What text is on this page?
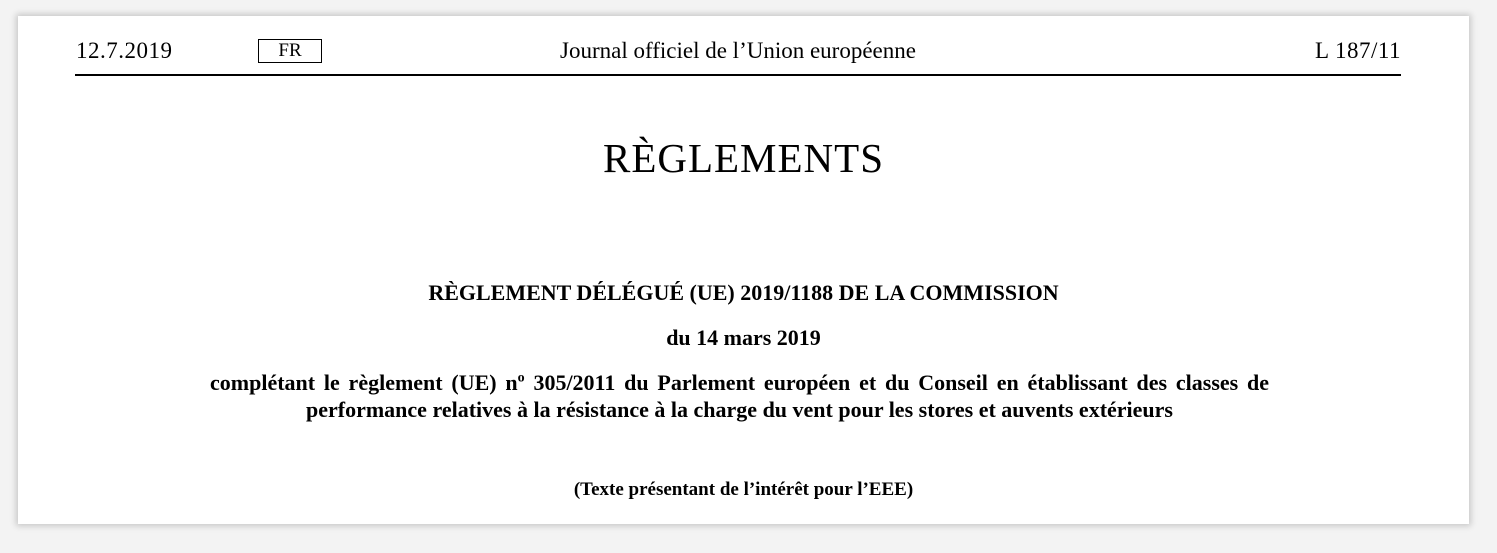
12.7.2019	FR	Journal officiel de l’Union européenne	L 187/11
RÈGLEMENTS
RÈGLEMENT DÉLÉGUÉ (UE) 2019/1188 DE LA COMMISSION
du 14 mars 2019
complétant le règlement (UE) $n^o$ 305/2011 du Parlement européen et du Conseil en établissant des classes de performance relatives à la résistance à la charge du vent pour les stores et auvents extérieurs
(Texte présentant de l’intérêt pour l’EEE)
